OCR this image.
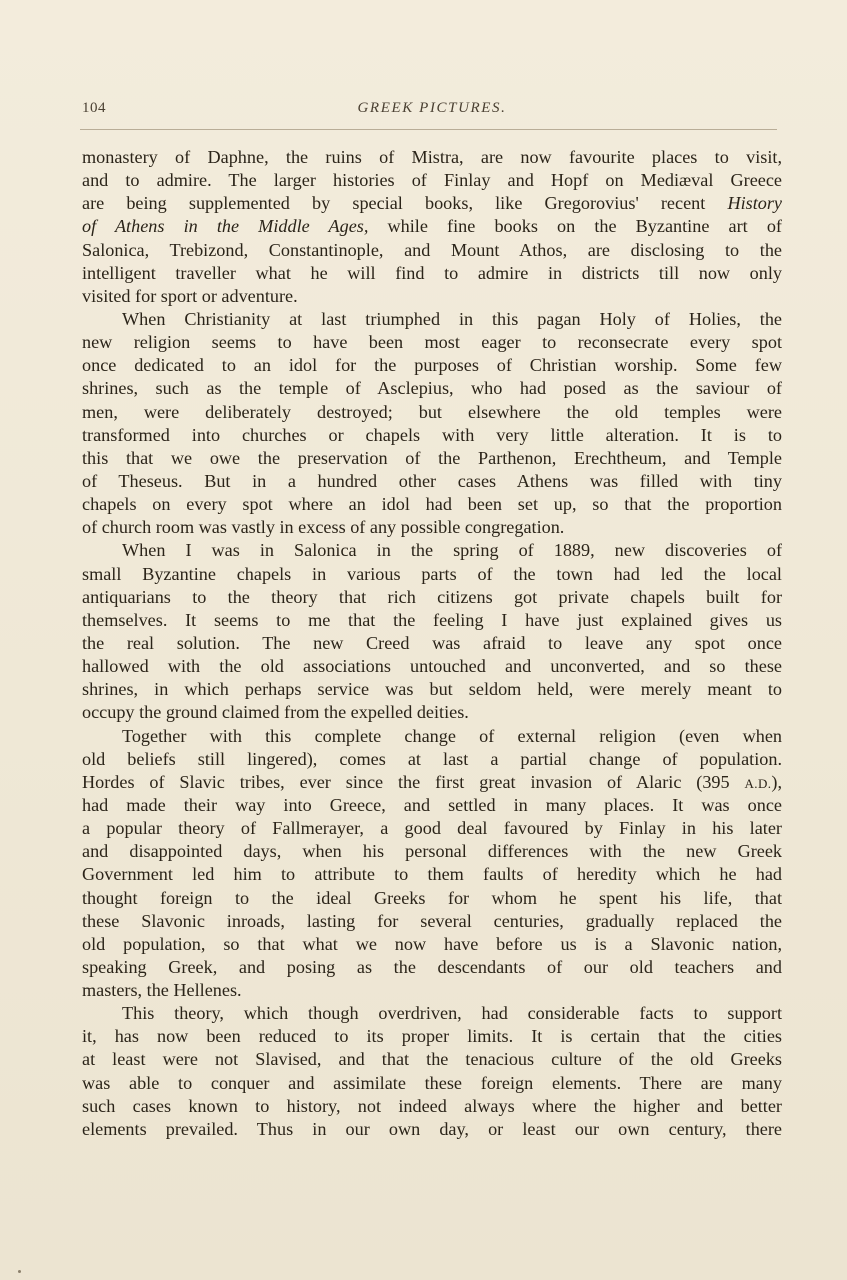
104	GREEK PICTURES.
monastery of Daphne, the ruins of Mistra, are now favourite places to visit,
and to admire. The larger histories of Finlay and Hopf on Mediæval Greece
are being supplemented by special books, like Gregorovius' recent History
of Athens in the Middle Ages, while fine books on the Byzantine art of
Salonica, Trebizond, Constantinople, and Mount Athos, are disclosing to the
intelligent traveller what he will find to admire in districts till now only
visited for sport or adventure.
When Christianity at last triumphed in this pagan Holy of Holies, the
new religion seems to have been most eager to reconsecrate every spot
once dedicated to an idol for the purposes of Christian worship. Some few
shrines, such as the temple of Asclepius, who had posed as the saviour of
men, were deliberately destroyed; but elsewhere the old temples were
transformed into churches or chapels with very little alteration. It is to
this that we owe the preservation of the Parthenon, Erechtheum, and Temple
of Theseus. But in a hundred other cases Athens was filled with tiny
chapels on every spot where an idol had been set up, so that the proportion
of church room was vastly in excess of any possible congregation.
When I was in Salonica in the spring of 1889, new discoveries of
small Byzantine chapels in various parts of the town had led the local
antiquarians to the theory that rich citizens got private chapels built for
themselves. It seems to me that the feeling I have just explained gives us
the real solution. The new Creed was afraid to leave any spot once
hallowed with the old associations untouched and unconverted, and so these
shrines, in which perhaps service was but seldom held, were merely meant to
occupy the ground claimed from the expelled deities.
Together with this complete change of external religion (even when
old beliefs still lingered), comes at last a partial change of population.
Hordes of Slavic tribes, ever since the first great invasion of Alaric (395 A.D.),
had made their way into Greece, and settled in many places. It was once
a popular theory of Fallmerayer, a good deal favoured by Finlay in his later
and disappointed days, when his personal differences with the new Greek
Government led him to attribute to them faults of heredity which he had
thought foreign to the ideal Greeks for whom he spent his life, that
these Slavonic inroads, lasting for several centuries, gradually replaced the
old population, so that what we now have before us is a Slavonic nation,
speaking Greek, and posing as the descendants of our old teachers and
masters, the Hellenes.
This theory, which though overdriven, had considerable facts to support
it, has now been reduced to its proper limits. It is certain that the cities
at least were not Slavised, and that the tenacious culture of the old Greeks
was able to conquer and assimilate these foreign elements. There are many
such cases known to history, not indeed always where the higher and better
elements prevailed. Thus in our own day, or least our own century, there
